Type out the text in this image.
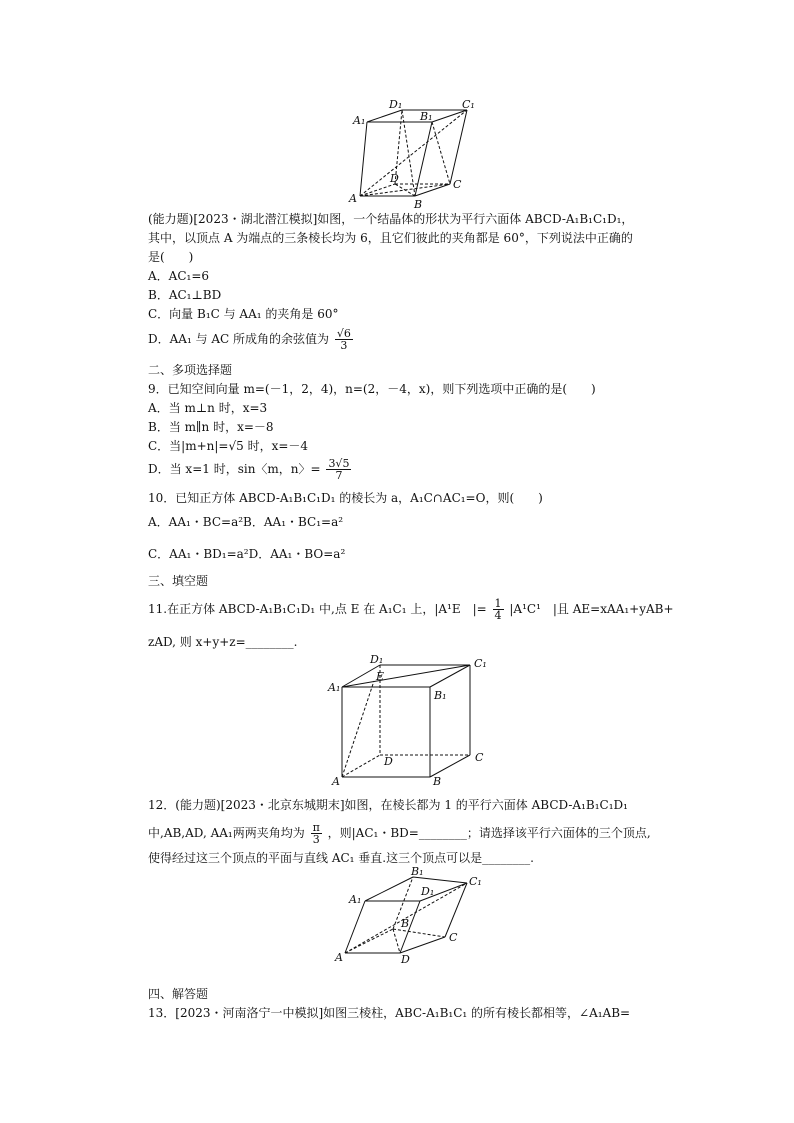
A	B
C
D
A₁	B₁
C₁
D₁
(能力题)[2023・湖北潜江模拟]如图，一个结晶体的形状为平行六面体 ABCD-A₁B₁C₁D₁，
其中，以顶点 A 为端点的三条棱长均为 6，且它们彼此的夹角都是 60°，下列说法中正确的
是(　　)
A．AC₁=6
B．AC₁⊥BD
C．向量 B₁C 与 AA₁ 的夹角是 60°
D．AA₁ 与 AC 所成角的余弦值为 $\frac{√6}{3}$
二、多项选择题
9．已知空间向量 m=(－1，2，4)，n=(2，－4，x)，则下列选项中正确的是(　　)
A．当 m⊥n 时，x=3
B．当 m∥n 时，x=－8
C．当|m+n|=√5 时，x=－4
D．当 x=1 时，sin〈m，n〉= $\frac{3√5}{7}$
10．已知正方体 ABCD-A₁B₁C₁D₁ 的棱长为 a，A₁C∩AC₁=O，则(　　)
A．AA₁・BC=a²B．AA₁・BC₁=a²
C．AA₁・BD₁=a²D．AA₁・BO=a²
三、填空题
11.在正方体 ABCD-A₁B₁C₁D₁ 中,点 E 在 A₁C₁ 上，|A¹E　|= $\frac{1}{4} |A^1C^1$　|且 AE=xAA₁+yAB+
zAD, 则 x+y+z=________.
A	B
C
D
A₁
B₁
C₁
D₁
E
12．(能力题)[2023・北京东城期末]如图，在棱长都为 1 的平行六面体 ABCD-A₁B₁C₁D₁
中,AB,AD, AA₁两两夹角均为 $\frac{\pi}{3}$ ，则|AC₁・BD=________；请选择该平行六面体的三个顶点,
使得经过这三个顶点的平面与直线 AC₁ 垂直.这三个顶点可以是________.
A
B
C
D
A₁
B₁
C₁
D₁
四、解答题
13．[2023・河南洛宁一中模拟]如图三棱柱，ABC-A₁B₁C₁ 的所有棱长都相等，∠A₁AB=
